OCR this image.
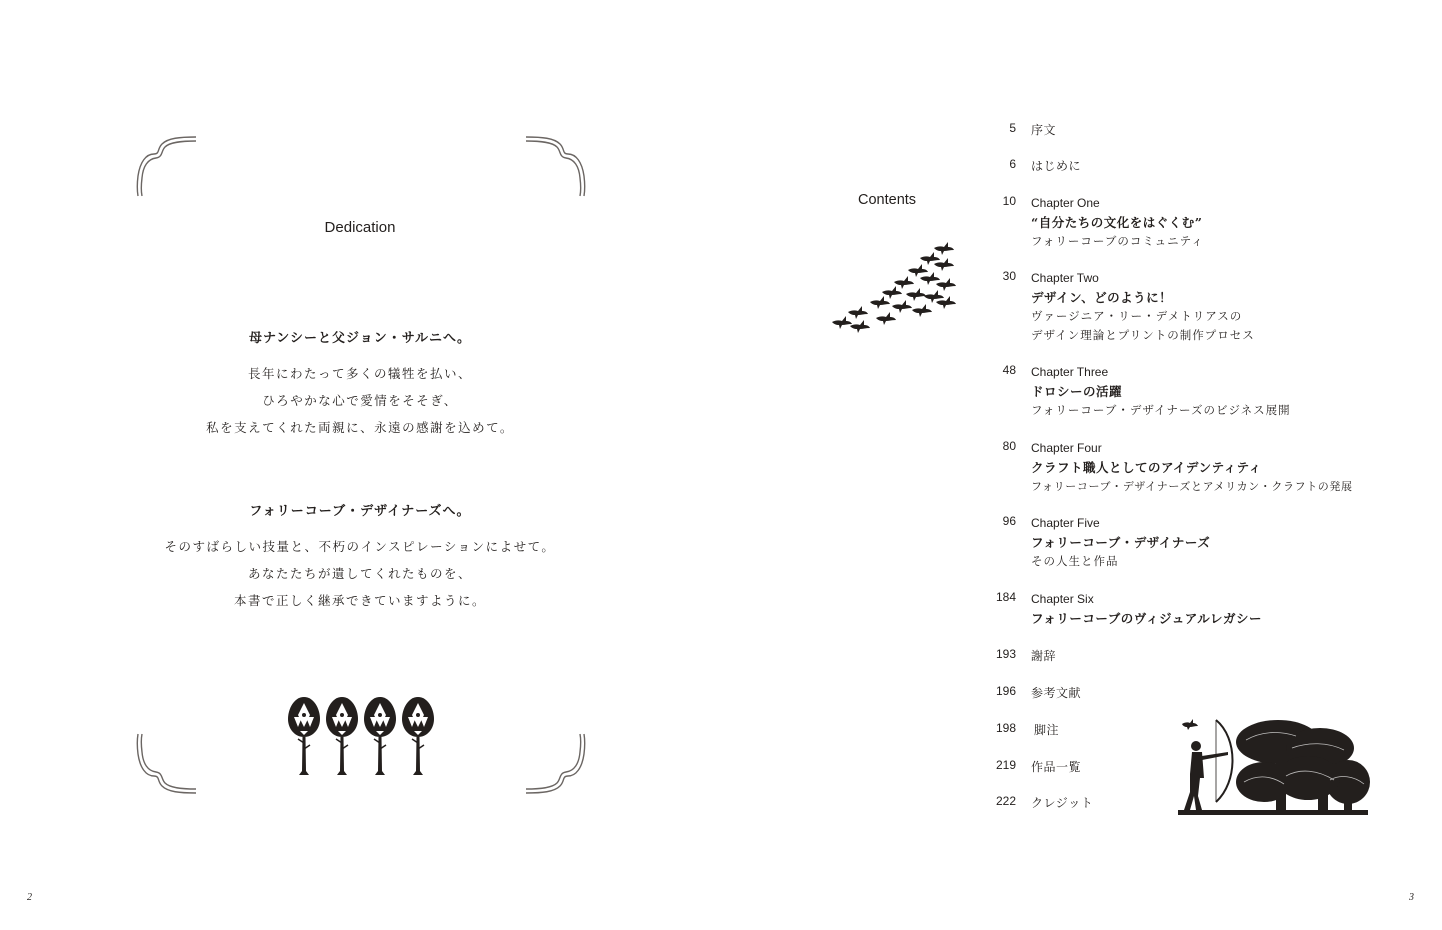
Dedication
母ナンシーと父ジョン・サルニへ。
長年にわたって多くの犠牲を払い、
ひろやかな心で愛情をそそぎ、
私を支えてくれた両親に、永遠の感謝を込めて。
フォリーコーブ・デザイナーズへ。
そのすばらしい技量と、不朽のインスピレーションによせて。
あなたたちが遺してくれたものを、
本書で正しく継承できていますように。
2
Contents
5 序文
6 はじめに
10 Chapter One
“自分たちの文化をはぐくむ”
フォリーコーブのコミュニティ
30 Chapter Two
デザイン、どのように！
ヴァージニア・リー・デメトリアスの
デザイン理論とプリントの制作プロセス
48 Chapter Three
ドロシーの活躍
フォリーコーブ・デザイナーズのビジネス展開
80 Chapter Four
クラフト職人としてのアイデンティティ
フォリーコーブ・デザイナーズとアメリカン・クラフトの発展
96 Chapter Five
フォリーコーブ・デザイナーズ
その人生と作品
184 Chapter Six
フォリーコーブのヴィジュアルレガシー
193 謝辞
196 参考文献
198 脚注
219 作品一覧
222 クレジット
3
